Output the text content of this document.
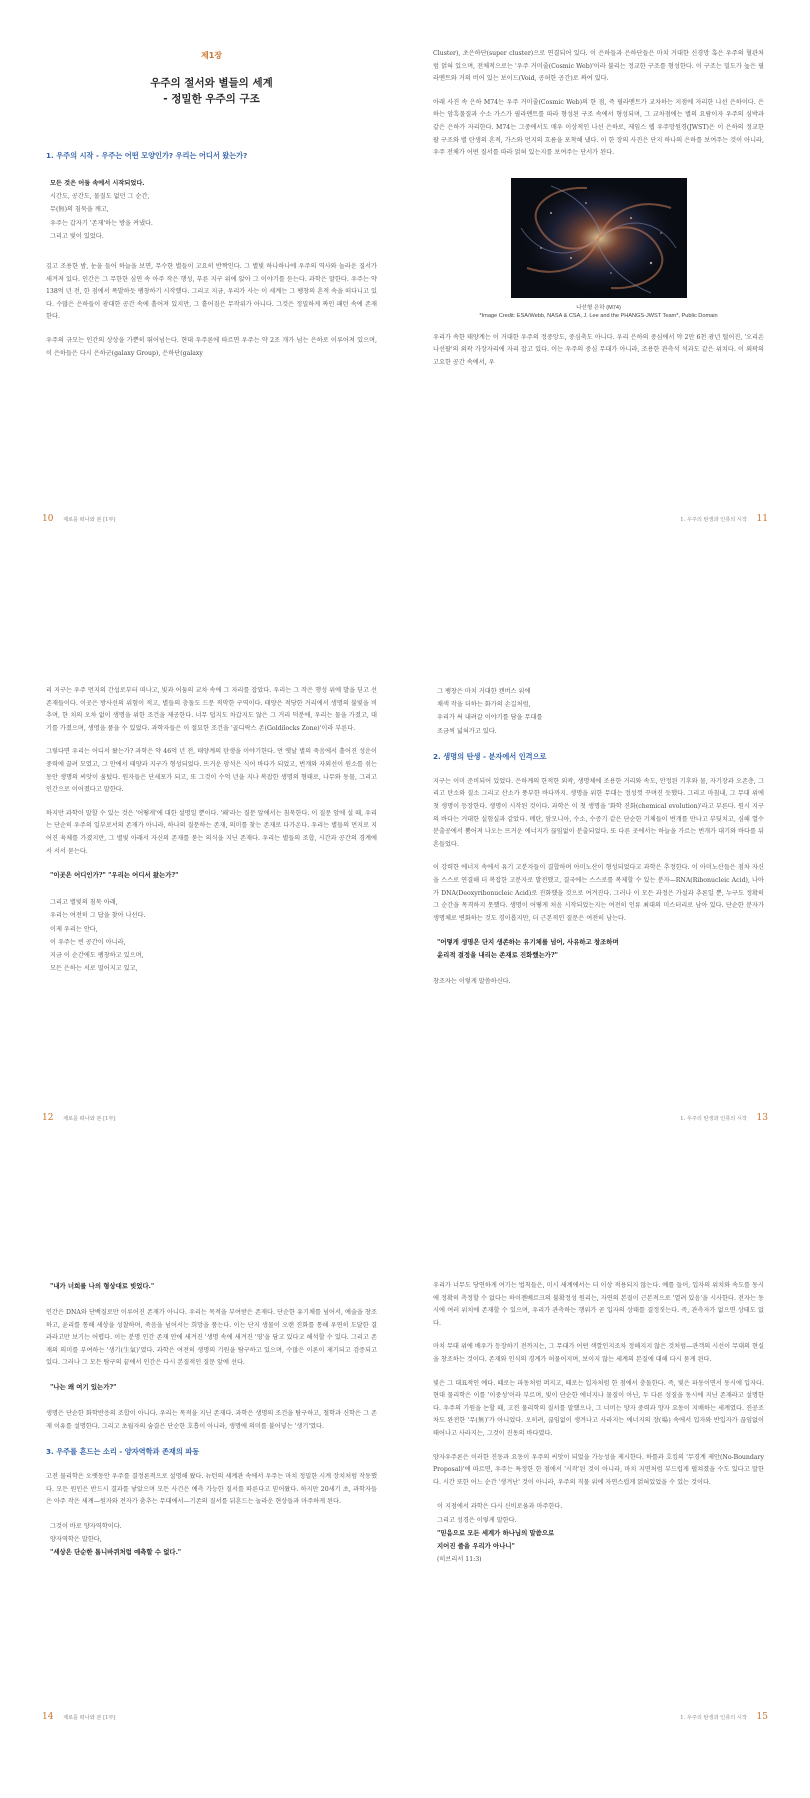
제1장
우주의 절서와 별들의 세계
- 정밀한 우주의 구조
1. 우주의 시작 - 우주는 어떤 모양인가? 우리는 어디서 왔는가?
모든 것은 어둠 속에서 시작되었다.
시간도, 공간도, 물질도 없던 그 순간,
무(無)의 침묵을 깨고,
우주는 갑자기 '존재'하는 방을 켜냈다.
그리고 빛이 있었다.

깊고 조용한 밤, 눈을 들어 하늘을 보면, 무수한 별들이 고요히 반짝인다. 그 별빛 하나하나에 우주의 역사와 놀라운 질서가 새겨져 있다. 인간은 그 무한한 심연 속 아주 작은 행성, 푸른 지구 위에 앉아 그 이야기를 듣는다. 과학은 말한다. 우주는 약 138억 년 전, 한 점에서 폭발하듯 팽창하기 시작했다. 그리고 지금, 우리가 사는 이 세계는 그 팽창의 흔적 속을 떠다니고 있다. 수많은 은하들이 광대한 공간 속에 흩어져 있지만, 그 흩어짐은 무작위가 아니다. 그것은 정밀하게 짜인 패턴 속에 존재한다.

우주의 규모는 인간의 상상을 가뿐히 뛰어넘는다. 현대 우주론에 따르면 우주는 약 2조 개가 넘는 은하로 이루어져 있으며, 이 은하들은 다시 은하군(galaxy Group), 은하단(galaxy

10 제로를 떠나와 본 [1부]

Cluster), 초은하단(super cluster)으로 연결되어 있다. 이 은하들과 은하단들은 마치 거대한 신경망 혹은 우주의 혈관처럼 얽혀 있으며, 전체적으로는 '우주 거미줄(Cosmic Web)'이라 불리는 정교한 구조를 형성한다. 이 구조는 밀도가 높은 필라멘트와 거의 비어 있는 보이드(Void, 공허한 공간)로 짜여 있다.

아래 사진 속 은하 M74는 우주 거미줄(Cosmic Web)의 한 점, 즉 필라멘트가 교차하는 지점에 자리한 나선 은하이다. 은하는 암흑물질과 수소 가스가 필라멘트를 따라 형성된 구조 속에서 형성되며, 그 교차점에는 별의 요람이자 우주의 심박과 같은 은하가 자리한다. M74는 그중에서도 매우 이상적인 나선 은하로, 제임스 웹 우주망원경(JWST)은 이 은하의 정교한 팔 구조와 별 탄생의 흔적, 가스와 먼지의 흐름을 포착해 냈다. 이 한 장의 사진은 단지 하나의 은하를 보여주는 것이 아니라, 우주 전체가 어떤 질서를 따라 얽혀 있는지를 보여주는 단서가 된다.

나선형 은하 (M74)
*Image Credit: ESA/Webb, NASA & CSA, J. Lee and the PHANGS-JWST Team*, Public Domain

우리가 속한 태양계는 이 거대한 우주의 정중앙도, 중심축도 아니다. 우리 은하의 중심에서 약 2만 6천 광년 떨어진, '오리온 나선팔'의 외곽 가장자리에 자리 잡고 있다. 이는 우주의 중심 무대가 아니라, 조용한 관측석 석과도 같은 위치다. 이 외곽의 고요한 공간 속에서, 우

1. 우주의 탄생과 인류의 시작 11

리 지구는 우주 먼지의 간섭로부터 떠나고, 빛과 어둠의 교차 속에 그 자리를 잡았다. 우리는 그 작은 행성 위에 발을 딛고 선 존재들이다. 이곳은 방사선의 위험이 적고, 별들의 충돌도 드문 적막한 구역이다. 태양은 적당한 거리에서 생명의 불빛을 비추며, 한 치의 오차 없이 생명을 위한 조건을 제공한다. 너무 덥지도 차갑지도 않은 그 거리 덕분에, 우리는 물을 가졌고, 대기를 가졌으며, 생명을 품을 수 있었다. 과학자들은 이 절묘한 조건을 '골디락스 존(Goldilocks Zone)'이라 부른다.

그렇다면 우리는 어디서 왔는가? 과학은 약 46억 년 전, 태양계의 탄생을 이야기한다. 먼 옛날 별의 죽음에서 흩어진 성운이 중력에 끌려 모였고, 그 안에서 태양과 지구가 형성되었다. 뜨거운 암석은 식어 바다가 되었고, 번개와 자외선이 원소를 섞는 동안 생명의 씨앗이 움텄다. 원자들은 단세포가 되고, 또 그것이 수억 년을 지나 복잡한 생명의 형태로, 나무와 동물, 그리고 인간으로 이어졌다고 말한다.

하지만 과학이 말할 수 있는 것은 '어떻게'에 대한 설명일 뿐이다. '왜'라는 질문 앞에서는 침묵한다. 이 질문 앞에 설 때, 우리는 단순히 우주의 일부로서의 존재가 아니라, 하나의 질문하는 존재, 의미를 찾는 존재로 다가온다. 우리는 별들의 먼지로 지어진 육체를 가졌지만, 그 별빛 아래서 자신의 존재를 묻는 의식을 지닌 존재다. 우리는 별들의 조합, 시간과 공간의 경계에서 서서 묻는다.

"이곳은 어디인가?" "우리는 어디서 왔는가?"
그리고 별빛의 침묵 아래,
우리는 여전히 그 답을 찾아 나선다.
이제 우리는 안다,
이 우주는 빈 공간이 아니라,
지금 이 순간에도 팽창하고 있으며,
모든 은하는 서로 멀어지고 있고,
12 제로를 떠나와 본 [1부]
그 팽창은 마치 거대한 캔버스 위에
채색 작을 더하는 화가의 손길처럼,
우리가 써 내려갈 이야기를 담을 무대를
조금씩 넓혀가고 있다.
2. 생명의 탄생 - 분자에서 인격으로

지구는 이미 준비되어 있었다. 은하계의 한적한 외곽, 생명체에 조용한 거리와 속도, 안정된 기후와 물, 자기장과 오존층, 그리고 탄소와 질소 그리고 산소가 풍부한 바다까지. 생명을 위한 무대는 정성껏 꾸며진 듯했다. 그리고 마침내, 그 무대 위에 첫 생명이 등장한다. 생명이 시작된 것이다. 과학은 이 첫 생명을 '화학 진화(chemical evolution)'라고 부른다. 원시 지구의 바다는 거대한 실험실과 같았다. 메탄, 암모니아, 수소, 수증기 같은 단순한 기체들이 번개를 만나고 부딪치고, 심해 열수분출공에서 뿜어져 나오는 뜨거운 에너지가 끊임없이 분출되었다. 또 다른 곳에서는 하늘을 가르는 번개가 대기와 바다를 뒤흔들었다.

이 강력한 에너지 속에서 유기 고분자들이 결합하며 아미노산이 형성되었다고 과학은 추정한다. 이 아미노산들은 점차 자신을 스스로 연결해 더 복잡한 고분자로 발전했고, 결국에는 스스로를 복제할 수 있는 분자—RNA(Ribonucleic Acid), 나아가 DNA(Deoxyribonucleic Acid)로 진화했을 것으로 여겨진다. 그러나 이 모든 과정은 가설과 추론일 뿐, 누구도 정확히 그 순간을 목격하지 못했다. 생명이 어떻게 처음 시작되었는지는 여전히 인류 최대의 미스터리로 남아 있다. 단순한 분자가 생명체로 변화하는 것도 경이롭지만, 더 근본적인 질문은 여전히 남는다.

"어떻게 생명은 단지 생존하는 유기체를 넘어, 사유하고 창조하며
윤리적 결정을 내리는 존재로 진화했는가?"

창조자는 이렇게 말씀하신다.

1. 우주의 탄생과 인류의 시작 13
"내가 너희를 나의 형상대로 빚었다."

인간은 DNA와 단백질로만 이루어진 존재가 아니다. 우리는 목적을 부여받은 존재다. 단순한 유기체를 넘어서, 예술을 창조하고, 윤리를 통해 세상을 성찰하며, 죽음을 넘어서는 희망을 품는다. 이는 단지 생물이 오랜 진화를 통해 우연히 도달한 결과라고만 보기는 어렵다. 이는 분명 인간 존재 안에 새겨진 '생명 속에 새겨진 '영'을 담고 있다고 해석할 수 있다. 그리고 존재의 의미를 부여하는 '생기(生氣)'였다. 과학은 여전히 생명의 기원을 탐구하고 있으며, 수많은 이론이 제기되고 검증되고 있다. 그러나 그 모든 탐구의 끝에서 인간은 다시 본질적인 질문 앞에 선다.

"나는 왜 여기 있는가?"

생명은 단순한 화학반응의 조합이 아니다. 우리는 목적을 지닌 존재다. 과학은 생명의 조건을 탐구하고, 철학과 신학은 그 존재 이유를 설명한다. 그리고 초월자의 숨결은 단순한 호흡이 아니라, 생명에 의미를 불어넣는 '생기'였다.

3. 우주를 흔드는 소리 - 양자역학과 존재의 파동

고전 물리학은 오랫동안 우주를 결정론적으로 설명해 왔다. 뉴턴의 세계관 속에서 우주는 마치 정밀한 시계 장치처럼 작동했다. 모든 원인은 반드시 결과를 낳았으며 모든 사건은 예측 가능한 질서를 따른다고 믿어왔다. 하지만 20세기 초, 과학자들은 아주 작은 세계—원자와 전자가 춤추는 무대에서—기존의 질서를 뒤흔드는 놀라운 현상들과 마주하게 된다.

그것이 바로 양자역학이다.
양자역학은 말한다,
"세상은 단순한 톱니바퀴처럼 예측할 수 없다."
14 제로를 떠나와 본 [1부]

우리가 너무도 당연하게 여기는 법칙들은, 미시 세계에서는 더 이상 적용되지 않는다. 예를 들어, 입자의 위치와 속도를 동시에 정확히 측정할 수 없다는 하이젠베르크의 불확정성 원리는, 자연의 본질이 근본적으로 '열려 있음'을 시사한다. 전자는 동시에 여러 위치에 존재할 수 있으며, 우리가 관측하는 행위가 곧 입자의 상태를 결정짓는다. 즉, 관측자가 없으면 상태도 없다.

마치 무대 위에 배우가 등장하기 전까지는, 그 무대가 어떤 색깔인지조차 정해지지 않은 것처럼—관객의 시선이 무대의 현실을 창조하는 것이다. 존재와 인식의 경계가 허물어지며, 보이지 않는 세계의 본질에 대해 다시 묻게 된다.

빛은 그 대표적인 예다. 때로는 파동처럼 퍼지고, 때로는 입자처럼 한 점에서 충돌한다. 즉, 빛은 파동이면서 동시에 입자다. 현대 물리학은 이를 '이중성'이라 부르며, 빛이 단순한 에너지나 물질이 아닌, 두 다른 성질을 동시에 지닌 존재라고 설명한다. 우주의 기원을 논할 때, 고전 물리학의 질서를 말했으나, 그 너머는 양자 중력과 양자 요동이 지배하는 세계였다. 진공조차도 완전한 '무(無)'가 아니었다. 오히려, 끊임없이 생겨나고 사라지는 에너지의 장(場) 속에서 입자와 반입자가 끊임없이 태어나고 사라지는, 그것이 진동의 바다였다.

양자우주론은 이러한 진동과 요동이 우주의 씨앗이 되었을 가능성을 제시한다. 하틀과 호킹의 '무경계 제안(No-Boundary Proposal)'에 따르면, 우주는 특정한 한 점에서 '시작'된 것이 아니라, 마치 지면처럼 부드럽게 펼쳐졌을 수도 있다고 말한다. 시간 또한 어느 순간 '생겨난' 것이 아니라, 우주의 직물 위에 자연스럽게 얽혀있었을 수 있는 것이다.

이 지점에서 과학은 다시 신비로움과 마주한다.
그리고 성경은 이렇게 말한다.
"믿음으로 모든 세계가 하나님의 말씀으로
지어진 줄을 우리가 아나니"
(히브리서 11:3)
1. 우주의 탄생과 인류의 시작 15
